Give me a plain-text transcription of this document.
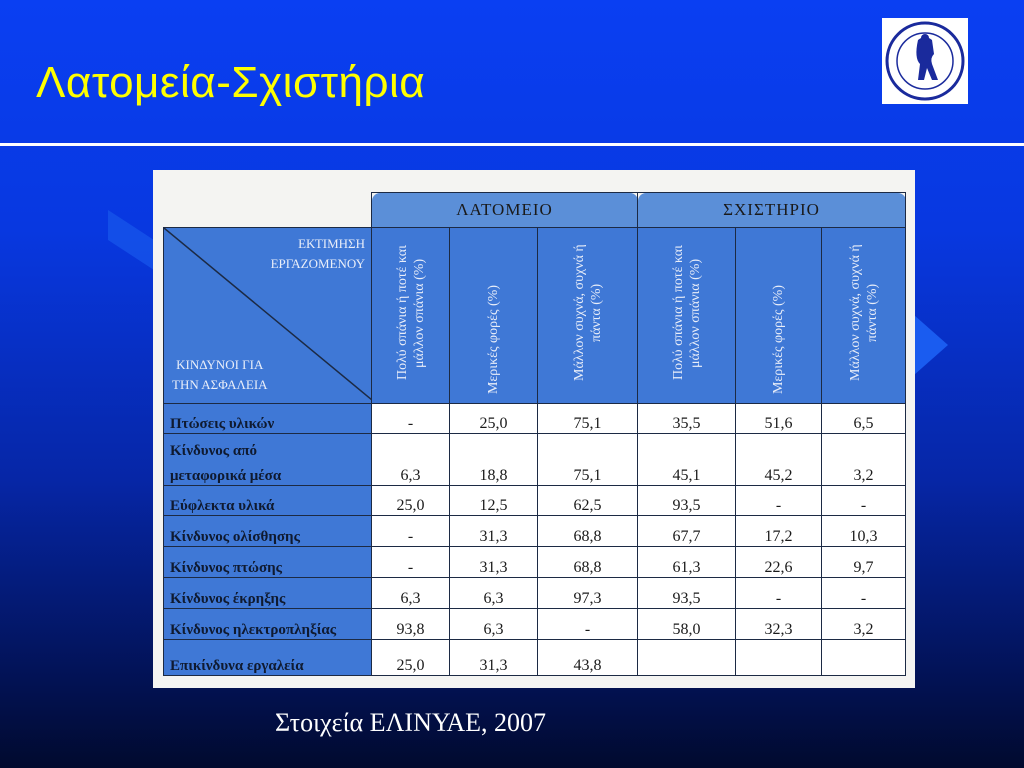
Λατομεία-Σχιστήρια
	ΛΑΤΟΜΕΙΟ			ΣΧΙΣΤΗΡΙΟ		

ΕΚΤΙΜΗΣΗ
ΕΡΓΑΖΟΜΕΝΟΥ
ΚΙΝΔΥΝΟΙ ΓΙΑ
ΤΗΝ ΑΣΦΑΛΕΙΑ	Πολύ σπάνια ή ποτέ και μάλλον σπάνια (%)	Μερικές φορές (%)	Μάλλον συχνά, συχνά ή πάντα (%)	Πολύ σπάνια ή ποτέ και μάλλον σπάνια (%)	Μερικές φορές (%)	Μάλλον συχνά, συχνά ή πάντα (%)
Πτώσεις υλικών	-	25,0	75,1	35,5	51,6	6,5

Κίνδυνος από
μεταφορικά μέσα	6,3	18,8	75,1	45,1	45,2	3,2
Εύφλεκτα υλικά	25,0	12,5	62,5	93,5	-	-
Κίνδυνος ολίσθησης	-	31,3	68,8	67,7	17,2	10,3
Κίνδυνος πτώσης	-	31,3	68,8	61,3	22,6	9,7
Κίνδυνος έκρηξης	6,3	6,3	97,3	93,5	-	-
Κίνδυνος ηλεκτροπληξίας	93,8	6,3	-	58,0	32,3	3,2
Επικίνδυνα εργαλεία	25,0	31,3	43,8			
Στοιχεία ΕΛΙΝΥΑΕ, 2007
